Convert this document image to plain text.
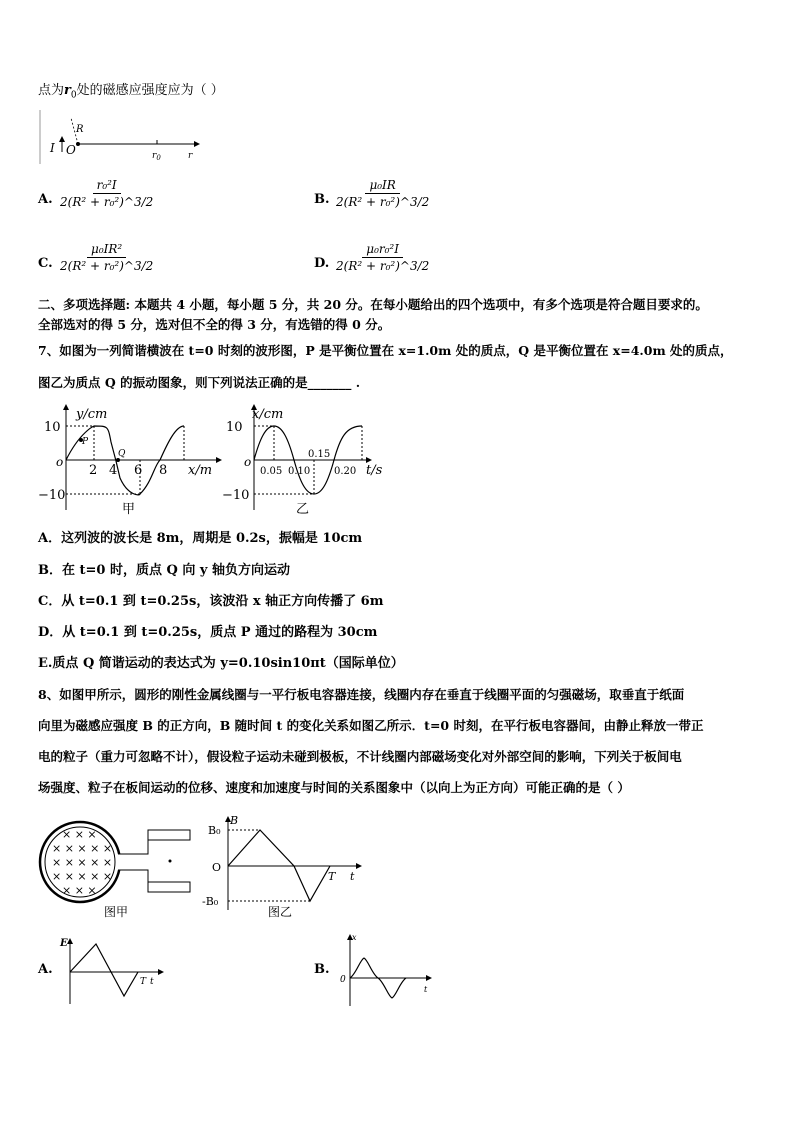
点为$r_0$处的磁感应强度应为（ ）
I O
R
$r_0$	r
A. $\frac{\text{r₀²I}}{\text{2(R² + r₀²)\textasciicircum{}3/2}}$	B. $\frac{\text{μ₀IR}}{\text{2(R² + r₀²)\textasciicircum{}3/2}}$
C. $\frac{\text{μ₀IR²}}{\text{2(R² + r₀²)\textasciicircum{}3/2}}$	D. $\frac{\text{μ₀r₀²I}}{\text{2(R² + r₀²)\textasciicircum{}3/2}}$
二、多项选择题: 本题共 4 小题，每小题 5 分，共 20 分。在每小题给出的四个选项中，有多个选项是符合题目要求的。
全部选对的得 5 分，选对但不全的得 3 分，有选错的得 0 分。
7、如图为一列简谐横波在 t=0 时刻的波形图，P 是平衡位置在 x=1.0m 处的质点，Q 是平衡位置在 x=4.0m 处的质点，
图乙为质点 Q 的振动图象，则下列说法正确的是_______ .
y/cm
10
−10
o
P
Q
2 4 6 8 x/m
甲
x/cm
10
−10
o
0.05 0.10
0.15
0.20 t/s
乙
A．这列波的波长是 8m，周期是 0.2s，振幅是 10cm
B．在 t=0 时，质点 Q 向 y 轴负方向运动
C．从 t=0.1 到 t=0.25s，该波沿 x 轴正方向传播了 6m
D．从 t=0.1 到 t=0.25s，质点 P 通过的路程为 30cm
E.质点 Q 简谐运动的表达式为 y=0.10sin10πt（国际单位）
8、如图甲所示，圆形的刚性金属线圈与一平行板电容器连接，线圈内存在垂直于线圈平面的匀强磁场，取垂直于纸面
向里为磁感应强度 B 的正方向，B 随时间 t 的变化关系如图乙所示．t=0 时刻，在平行板电容器间，由静止释放一带正
电的粒子（重力可忽略不计），假设粒子运动未碰到极板，不计线圈内部磁场变化对外部空间的影响，下列关于板间电
场强度、粒子在板间运动的位移、速度和加速度与时间的关系图象中（以向上为正方向）可能正确的是（ ）
× × ×
× × × × ×
× × × × ×
× × × × ×
× × ×
图甲
B
B₀
O
-B₀
T t
图乙
A.
E
T t
B.
x
0
t
